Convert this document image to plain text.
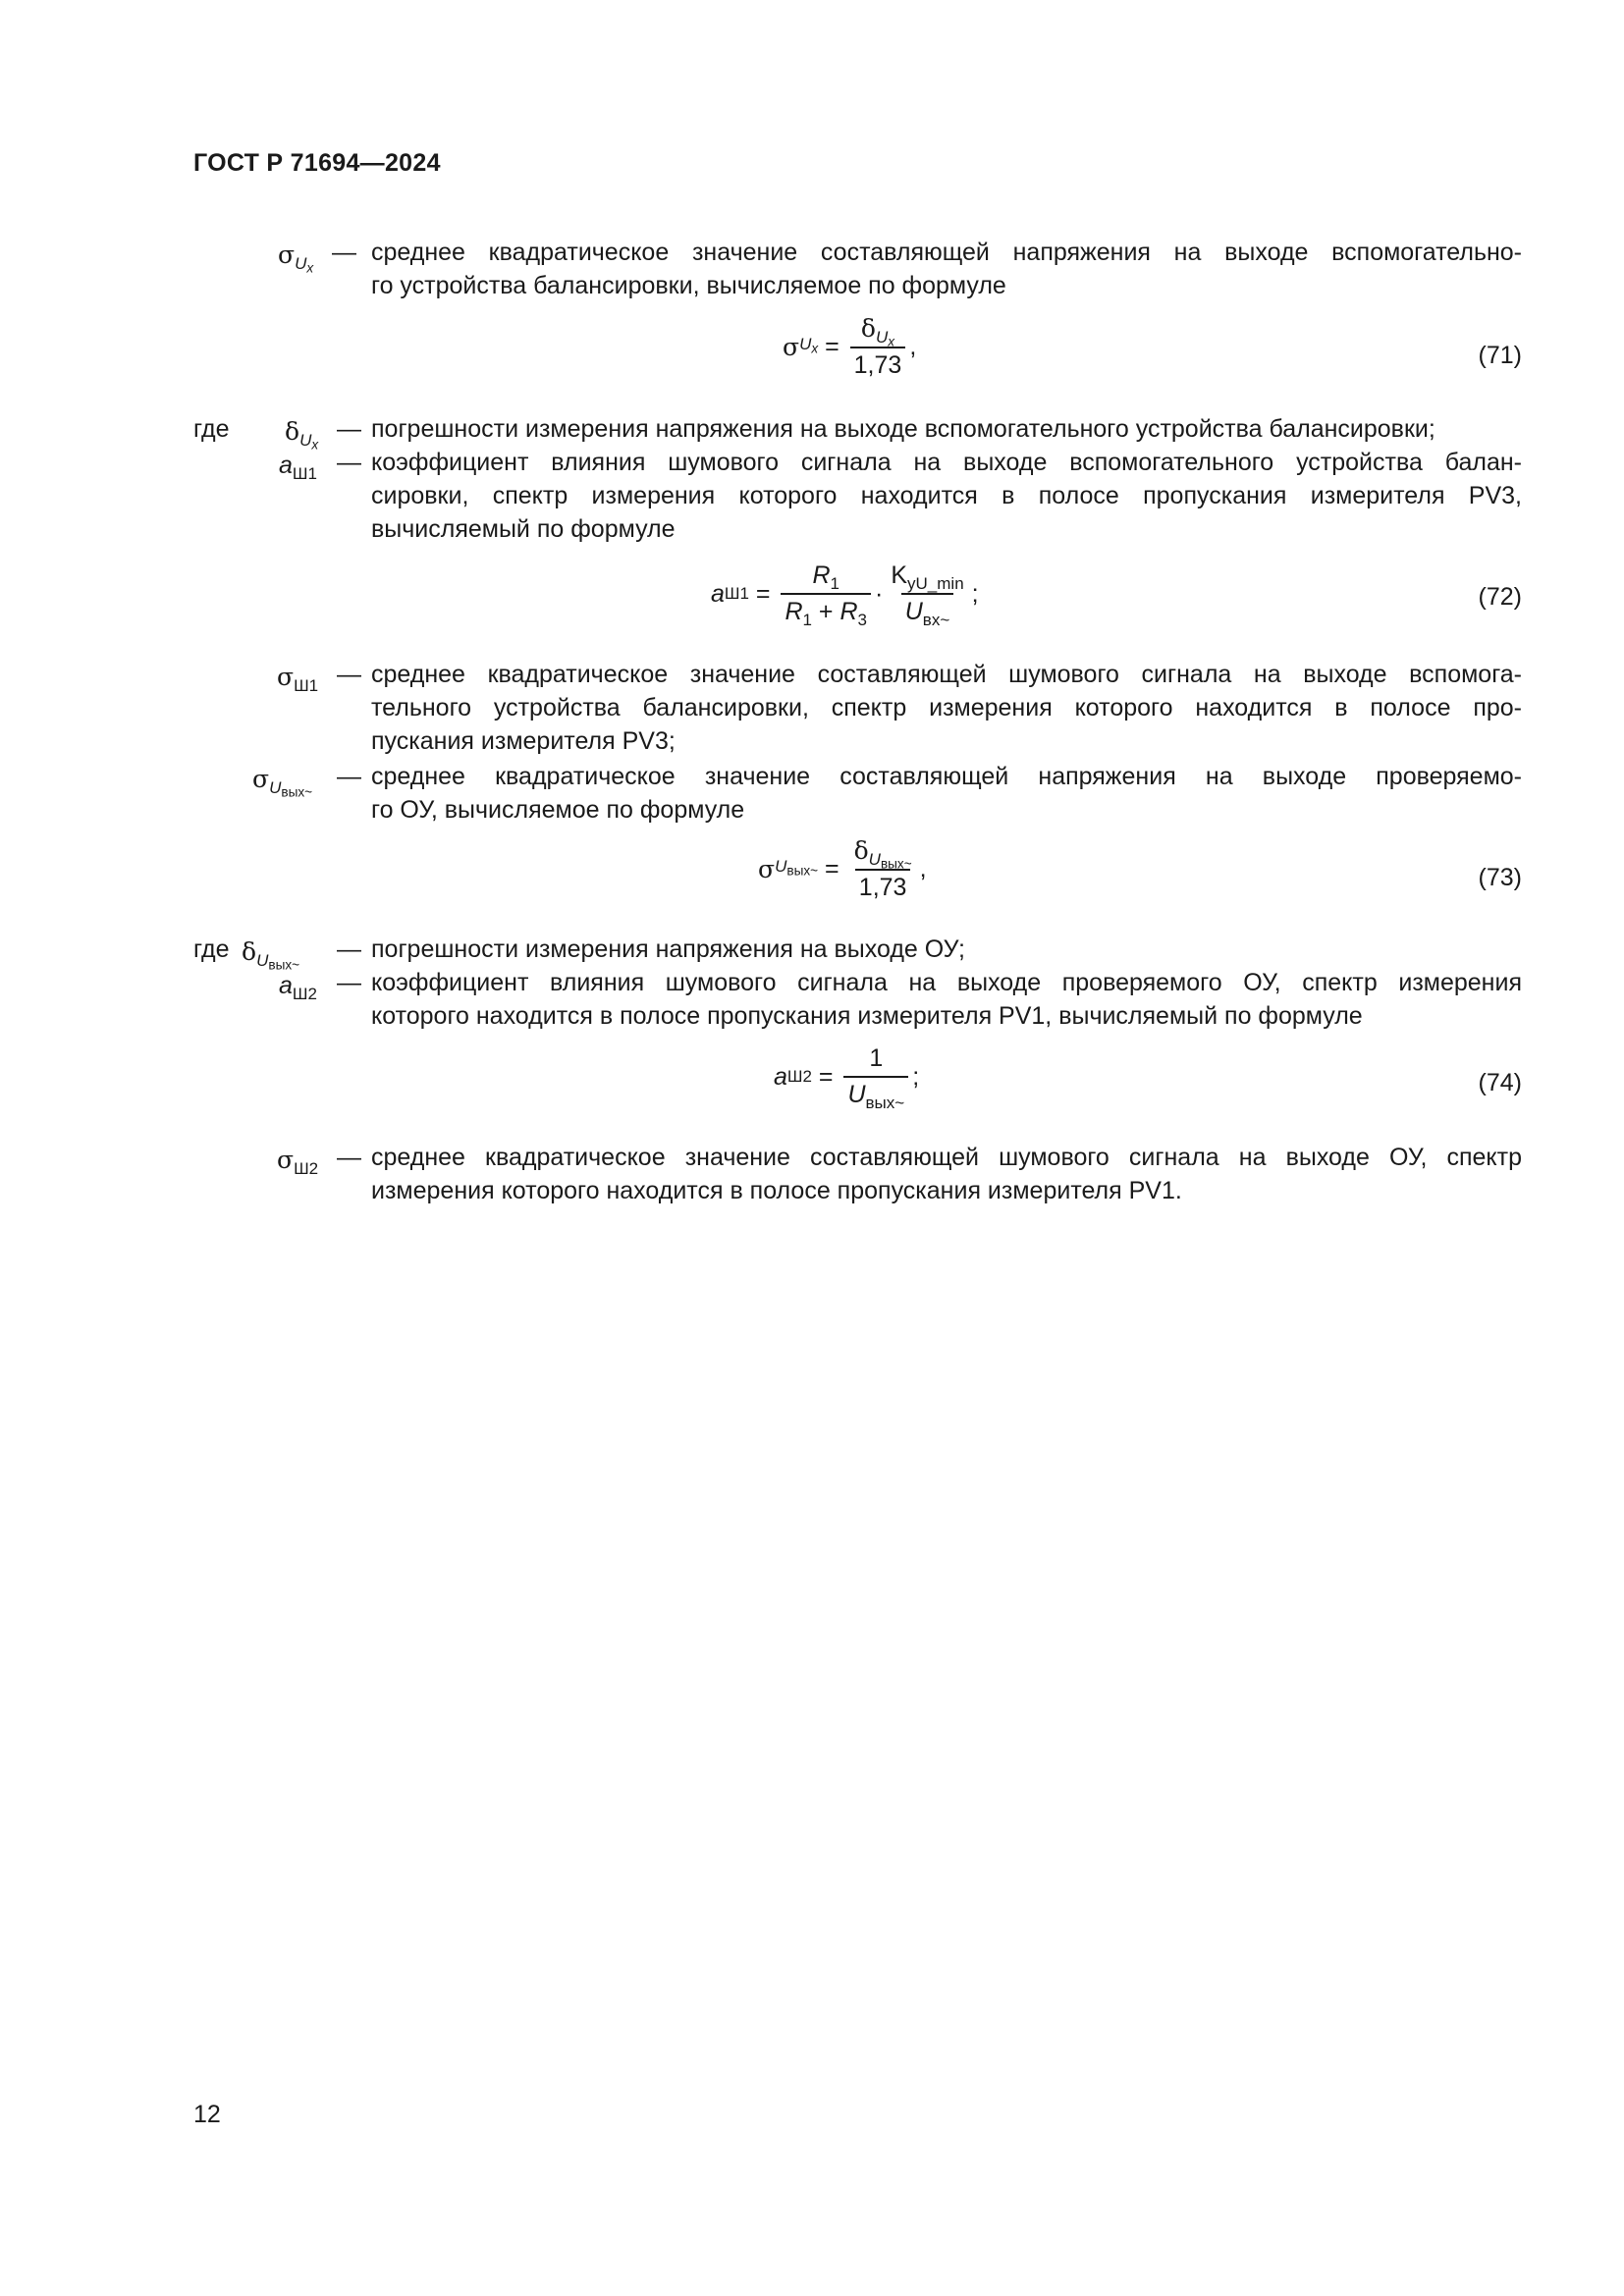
ГОСТ Р 71694—2024
$\sigma_{U_x}$
— среднее квадратическое значение составляющей напряжения на выходе вспомогательно-
го устройства балансировки, вычисляемое по формуле
σ $U_x = \frac{\delta_{U_x}}{1,73}$ ,	(71)
где $\delta_{U_x}$
— погрешности измерения напряжения на выходе вспомогательного устройства балансировки;
$a_{Ш1}$ — коэффициент влияния шумового сигнала на выходе вспомогательного устройства балан-
сировки, спектр измерения которого находится в полосе пропускания измерителя PV3,
вычисляемый по формуле
a $Ш1 = \frac{R_1}{R_1 + R_3} \cdot \frac{K_{yU\_min}}{U_{вх\sim}}$ ;	(72)
$\sigma_{Ш1}$ — среднее квадратическое значение составляющей шумового сигнала на выходе вспомога-
тельного устройства балансировки, спектр измерения которого находится в полосе про-
пускания измерителя PV3;
$\sigma_{U_{вых\sim}}$
— среднее квадратическое значение составляющей напряжения на выходе проверяемо-
го ОУ, вычисляемое по формуле
σ $U_{вых\sim} = \frac{\delta_{U_{вых\sim}}}{1,73}$ ,	(73)
где $\delta_{U_{вых\sim}}$
— погрешности измерения напряжения на выходе ОУ;
$a_{Ш2}$ — коэффициент влияния шумового сигнала на выходе проверяемого ОУ, спектр измерения
которого находится в полосе пропускания измерителя PV1, вычисляемый по формуле
a $Ш2 = \frac{1}{U_{вых\sim}}$ ;	(74)
$\sigma_{Ш2}$ — среднее квадратическое значение составляющей шумового сигнала на выходе ОУ, спектр
измерения которого находится в полосе пропускания измерителя PV1.
12
